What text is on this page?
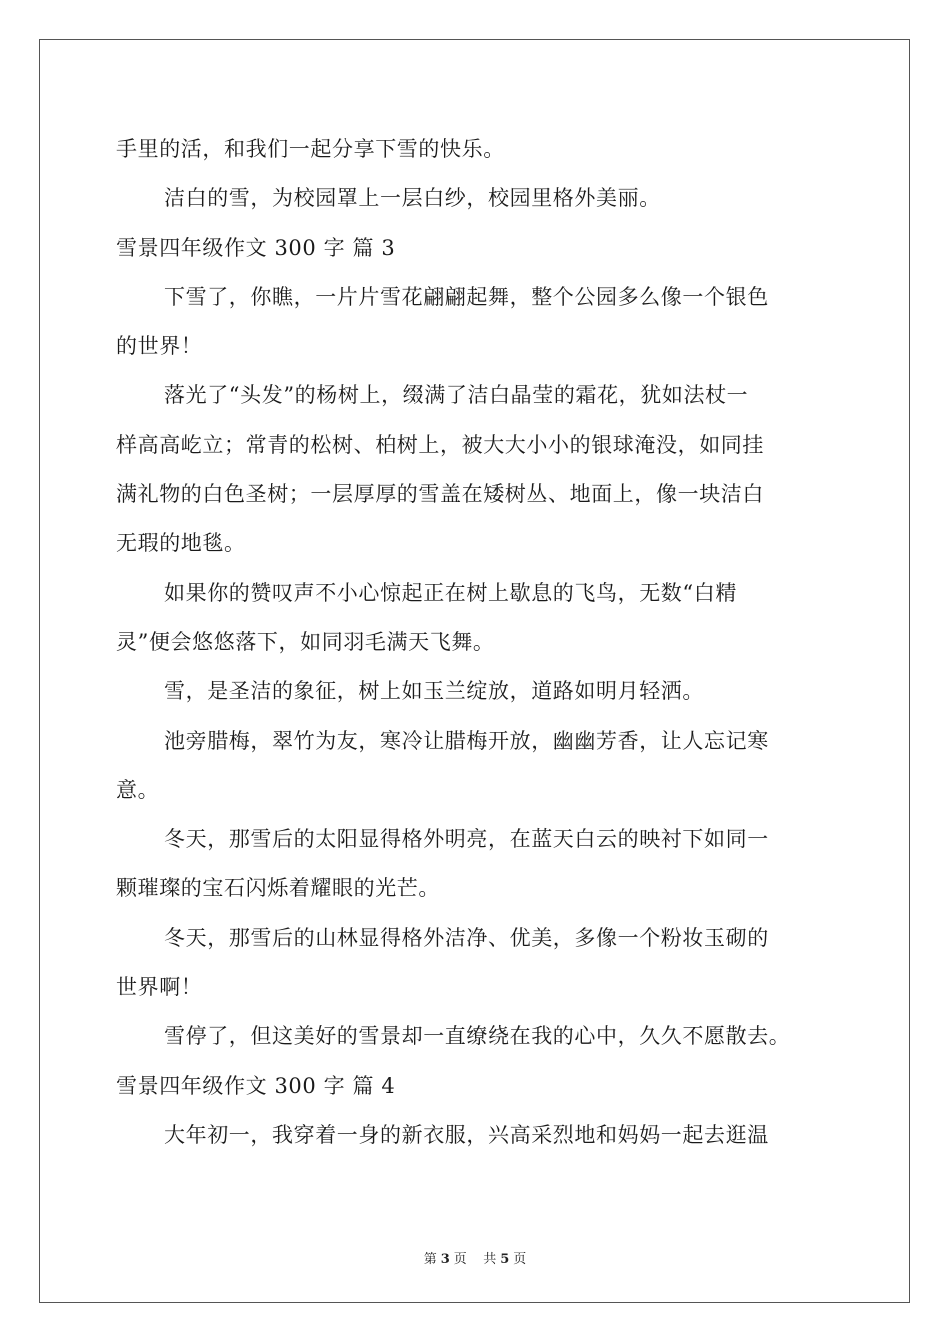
手里的活，和我们一起分享下雪的快乐。
洁白的雪，为校园罩上一层白纱，校园里格外美丽。
雪景四年级作文 300 字 篇 3
下雪了，你瞧，一片片雪花翩翩起舞，整个公园多么像一个银色
的世界！
落光了“头发”的杨树上，缀满了洁白晶莹的霜花，犹如法杖一
样高高屹立；常青的松树、柏树上，被大大小小的银球淹没，如同挂
满礼物的白色圣树；一层厚厚的雪盖在矮树丛、地面上，像一块洁白
无瑕的地毯。
如果你的赞叹声不小心惊起正在树上歇息的飞鸟，无数“白精
灵”便会悠悠落下，如同羽毛满天飞舞。
雪，是圣洁的象征，树上如玉兰绽放，道路如明月轻洒。
池旁腊梅，翠竹为友，寒冷让腊梅开放，幽幽芳香，让人忘记寒
意。
冬天，那雪后的太阳显得格外明亮，在蓝天白云的映衬下如同一
颗璀璨的宝石闪烁着耀眼的光芒。
冬天，那雪后的山林显得格外洁净、优美，多像一个粉妆玉砌的
世界啊！
雪停了，但这美好的雪景却一直缭绕在我的心中，久久不愿散去。
雪景四年级作文 300 字 篇 4
大年初一，我穿着一身的新衣服，兴高采烈地和妈妈一起去逛温
第 3 页 共 5 页
